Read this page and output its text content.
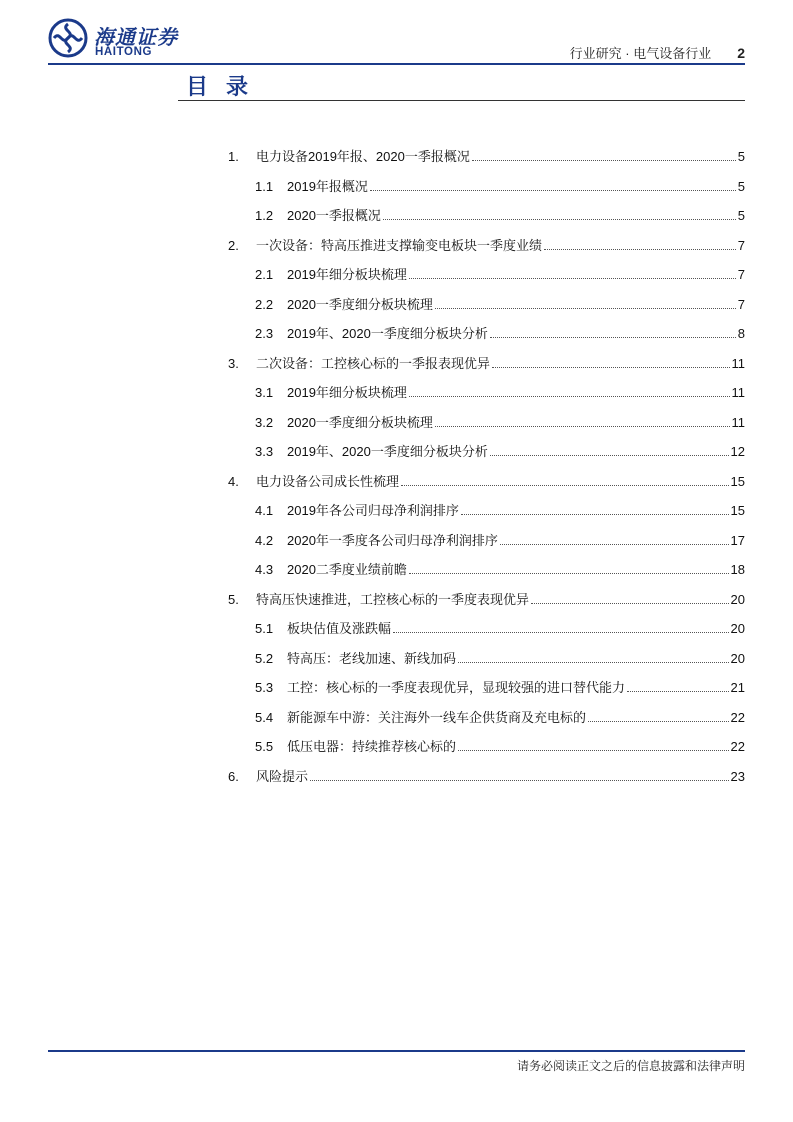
海通证券
HAITONG	行业研究 · 电气设备行业 2
目录
1.	电力设备2019年报、2020一季报概况	5
1.1	2019年报概况	5
1.2	2020一季报概况	5
2.	一次设备：特高压推进支撑输变电板块一季度业绩	7
2.1	2019年细分板块梳理	7
2.2	2020一季度细分板块梳理	7
2.3	2019年、2020一季度细分板块分析	8
3.	二次设备：工控核心标的一季报表现优异	11
3.1	2019年细分板块梳理	11
3.2	2020一季度细分板块梳理	11
3.3	2019年、2020一季度细分板块分析	12
4.	电力设备公司成长性梳理	15
4.1	2019年各公司归母净利润排序	15
4.2	2020年一季度各公司归母净利润排序	17
4.3	2020二季度业绩前瞻	18
5.	特高压快速推进，工控核心标的一季度表现优异	20
5.1	板块估值及涨跌幅	20
5.2	特高压：老线加速、新线加码	20
5.3	工控：核心标的一季度表现优异，显现较强的进口替代能力	21
5.4	新能源车中游：关注海外一线车企供货商及充电标的	22
5.5	低压电器：持续推荐核心标的	22
6.	风险提示	23
请务必阅读正文之后的信息披露和法律声明
